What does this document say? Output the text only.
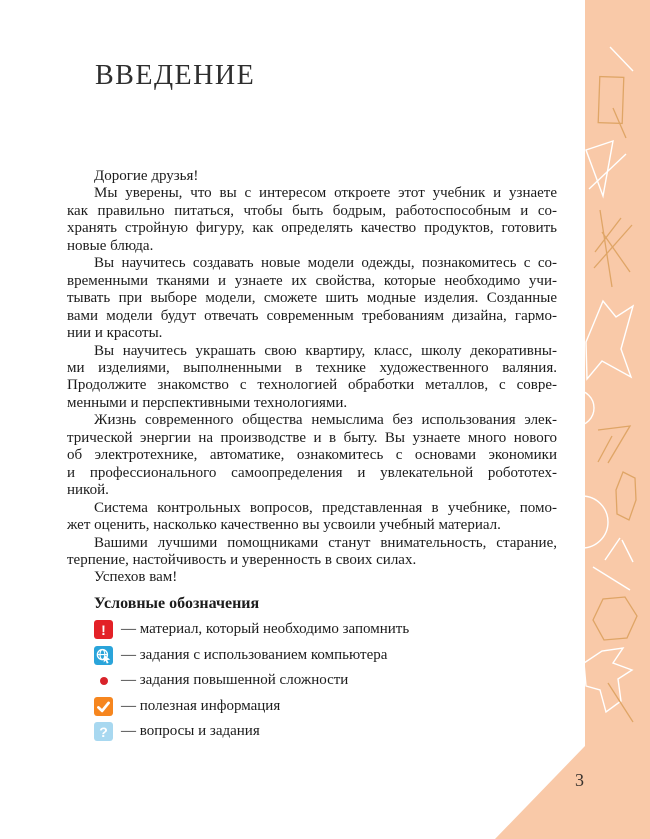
ВВЕДЕНИЕ
Дорогие друзья!
Мы уверены, что вы с интересом откроете этот учебник и узнаете
как правильно питаться, чтобы быть бодрым, работоспособным и со-
хранять стройную фигуру, как определять качество продуктов, готовить
новые блюда.
Вы научитесь создавать новые модели одежды, познакомитесь с со-
временными тканями и узнаете их свойства, которые необходимо учи-
тывать при выборе модели, сможете шить модные изделия. Созданные
вами модели будут отвечать современным требованиям дизайна, гармо-
нии и красоты.
Вы научитесь украшать свою квартиру, класс, школу декоративны-
ми изделиями, выполненными в технике художественного валяния.
Продолжите знакомство с технологией обработки металлов, с совре-
менными и перспективными технологиями.
Жизнь современного общества немыслима без использования элек-
трической энергии на производстве и в быту. Вы узнаете много нового
об электротехнике, автоматике, ознакомитесь с основами экономики
и профессионального самоопределения и увлекательной робототех-
никой.
Система контрольных вопросов, представленная в учебнике, помо-
жет оценить, насколько качественно вы усвоили учебный материал.
Вашими лучшими помощниками станут внимательность, старание,
терпение, настойчивость и уверенность в своих силах.
Успехов вам!

Условные обозначения

! — материал, который необходимо запомнить
— задания с использованием компьютера
— задания повышенной сложности
— полезная информация
? — вопросы и задания
3
